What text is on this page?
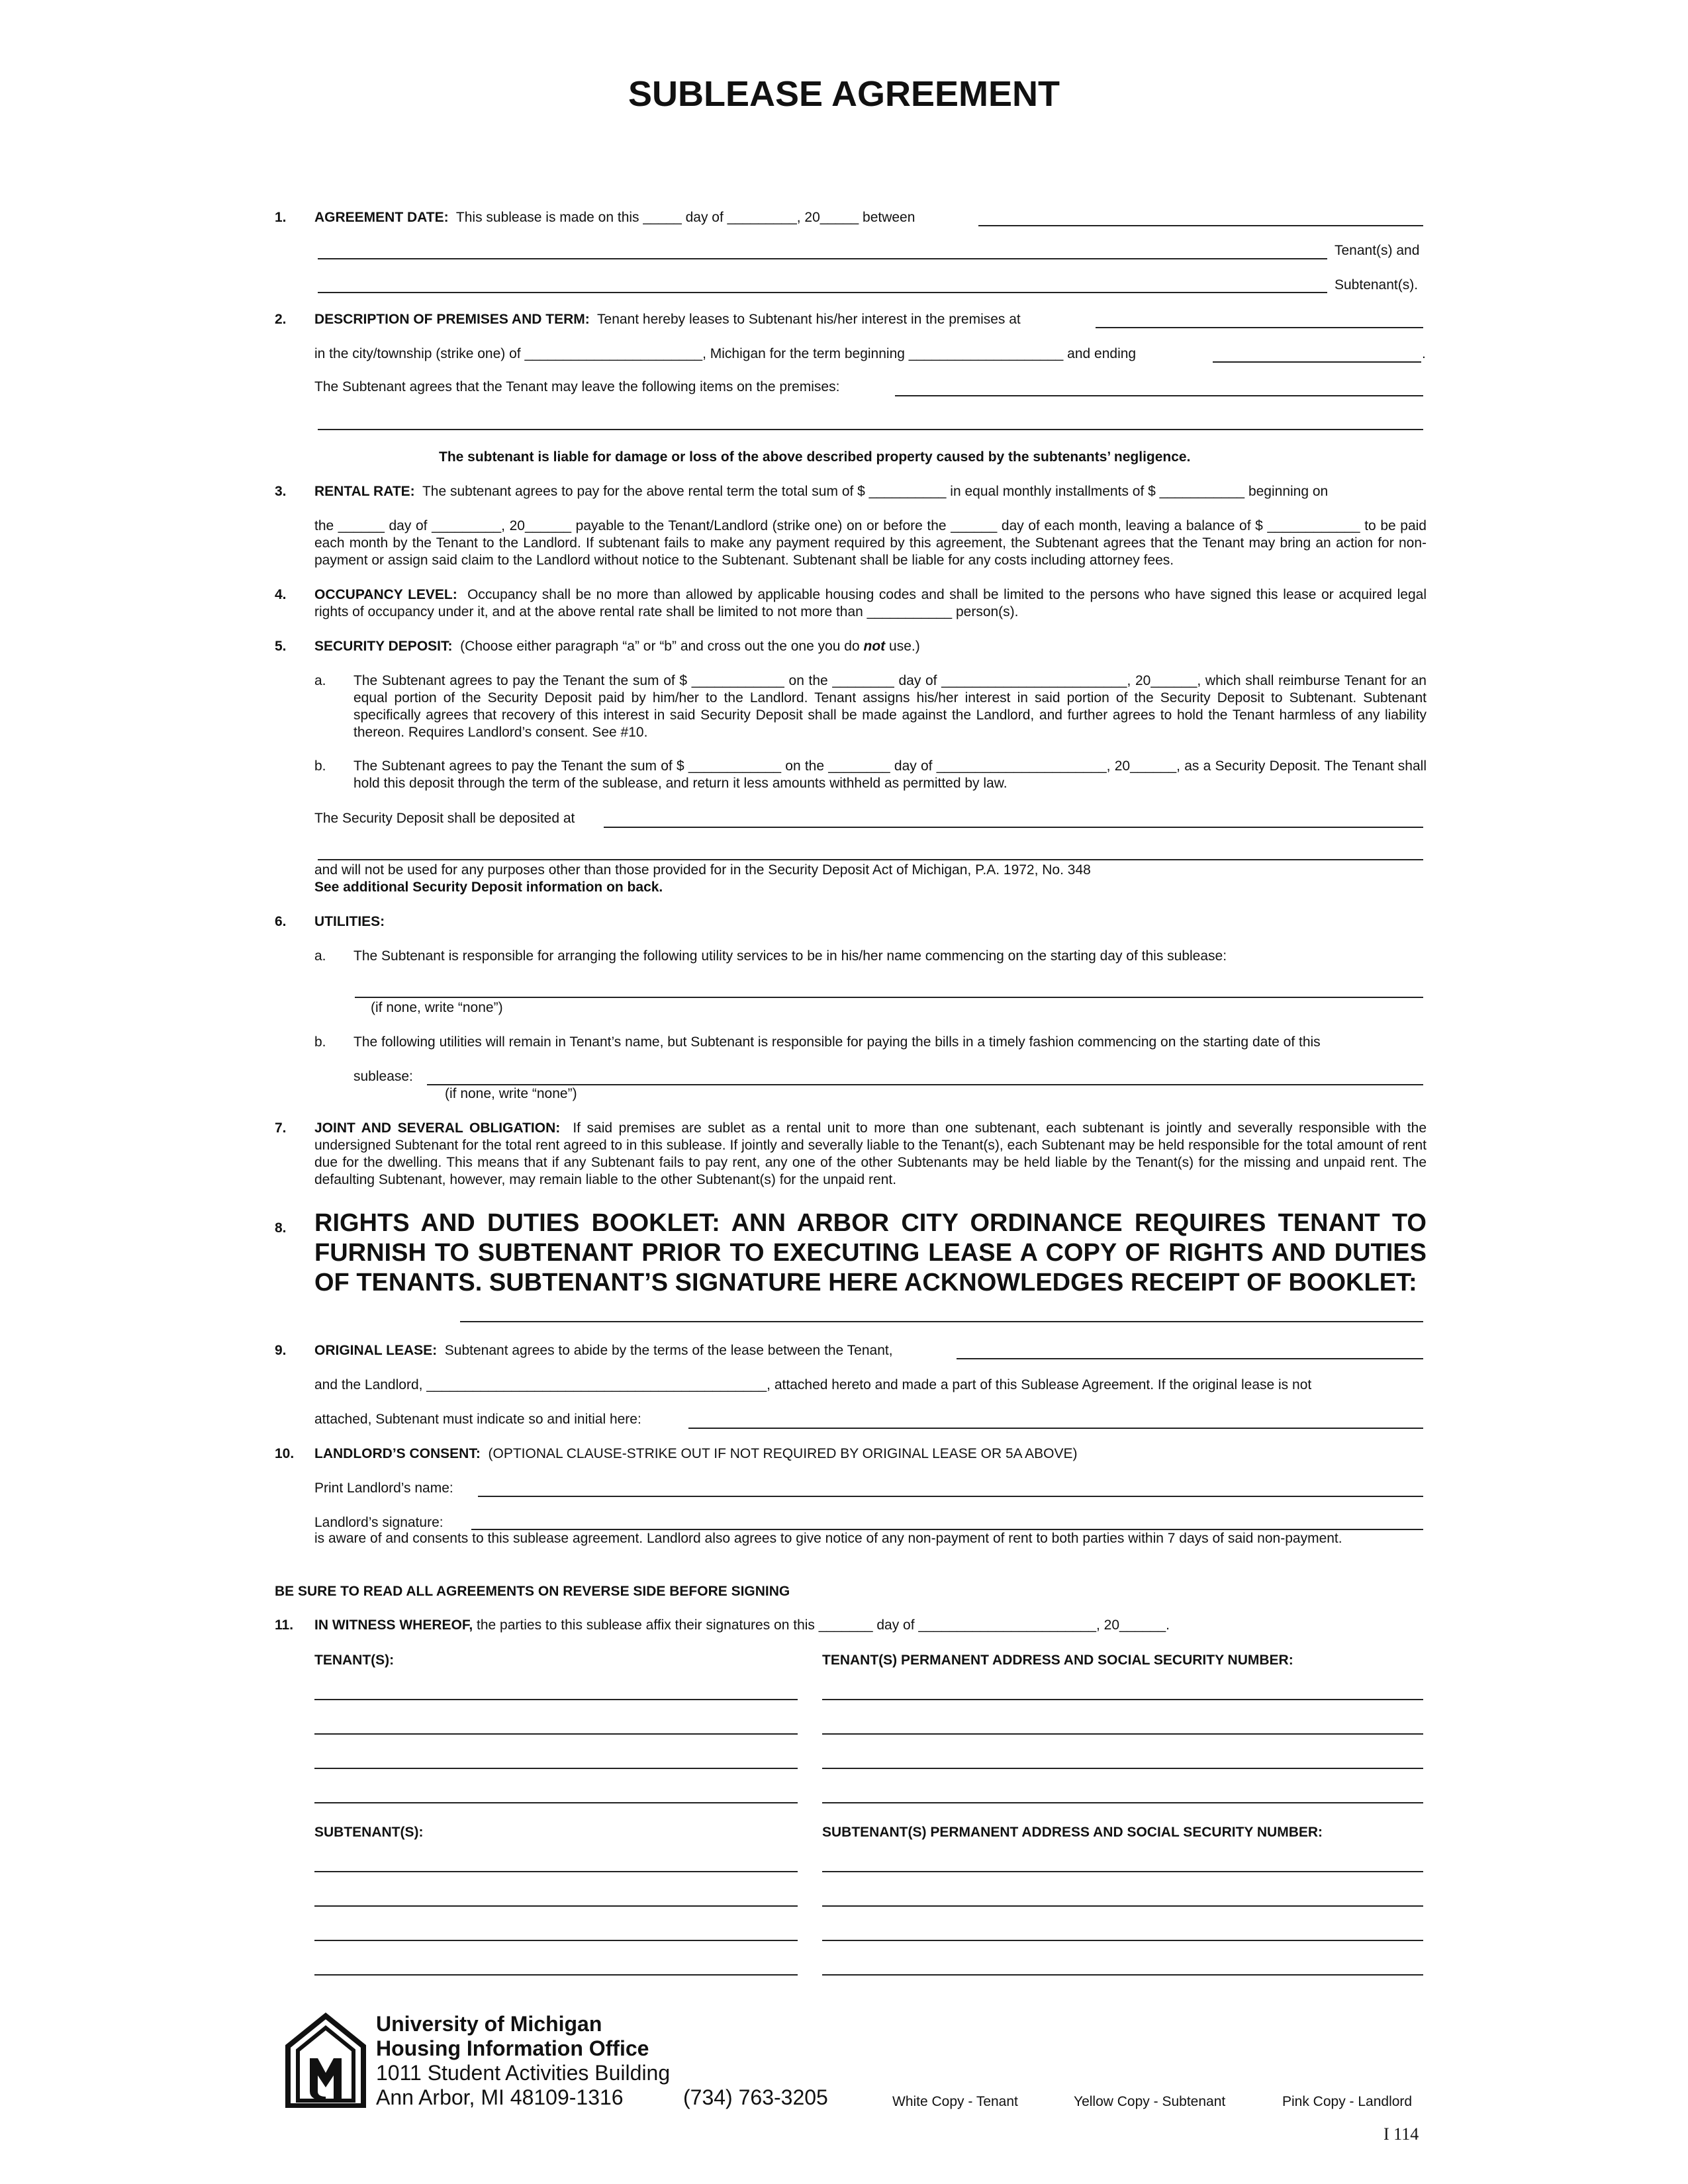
SUBLEASE AGREEMENT
1. AGREEMENT DATE: This sublease is made on this _____ day of _________, 20_____ between
Tenant(s) and
Subtenant(s).
2. DESCRIPTION OF PREMISES AND TERM: Tenant hereby leases to Subtenant his/her interest in the premises at
in the city/township (strike one) of _______________________, Michigan for the term beginning ____________________ and ending	.
The Subtenant agrees that the Tenant may leave the following items on the premises:
The subtenant is liable for damage or loss of the above described property caused by the subtenants’ negligence.
3. RENTAL RATE: The subtenant agrees to pay for the above rental term the total sum of $ __________ in equal monthly installments of $ ___________ beginning on
the ______ day of _________, 20______ payable to the Tenant/Landlord (strike one) on or before the ______ day of each month, leaving a balance of $ ____________ to be paid each month by the Tenant to the Landlord. If subtenant fails to make any payment required by this agreement, the Subtenant agrees that the Tenant may bring an action for non-payment or assign said claim to the Landlord without notice to the Subtenant. Subtenant shall be liable for any costs including attorney fees.
4. OCCUPANCY LEVEL: Occupancy shall be no more than allowed by applicable housing codes and shall be limited to the persons who have signed this lease or acquired legal rights of occupancy under it, and at the above rental rate shall be limited to not more than ___________ person(s).
5. SECURITY DEPOSIT: (Choose either paragraph “a” or “b” and cross out the one you do not use.)
a. The Subtenant agrees to pay the Tenant the sum of $ ____________ on the ________ day of ________________________, 20______, which shall reimburse Tenant for an equal portion of the Security Deposit paid by him/her to the Landlord. Tenant assigns his/her interest in said portion of the Security Deposit to Subtenant. Subtenant specifically agrees that recovery of this interest in said Security Deposit shall be made against the Landlord, and further agrees to hold the Tenant harmless of any liability thereon. Requires Landlord’s consent. See #10.
b. The Subtenant agrees to pay the Tenant the sum of $ ____________ on the ________ day of ______________________, 20______, as a Security Deposit. The Tenant shall hold this deposit through the term of the sublease, and return it less amounts withheld as permitted by law.
The Security Deposit shall be deposited at
and will not be used for any purposes other than those provided for in the Security Deposit Act of Michigan, P.A. 1972, No. 348
See additional Security Deposit information on back.
6. UTILITIES:
a. The Subtenant is responsible for arranging the following utility services to be in his/her name commencing on the starting day of this sublease:
(if none, write “none”)
b. The following utilities will remain in Tenant’s name, but Subtenant is responsible for paying the bills in a timely fashion commencing on the starting date of this
sublease:
(if none, write “none”)
7. JOINT AND SEVERAL OBLIGATION: If said premises are sublet as a rental unit to more than one subtenant, each subtenant is jointly and severally responsible with the undersigned Subtenant for the total rent agreed to in this sublease. If jointly and severally liable to the Tenant(s), each Subtenant may be held responsible for the total amount of rent due for the dwelling. This means that if any Subtenant fails to pay rent, any one of the other Subtenants may be held liable by the Tenant(s) for the missing and unpaid rent. The defaulting Subtenant, however, may remain liable to the other Subtenant(s) for the unpaid rent.
8. RIGHTS AND DUTIES BOOKLET: ANN ARBOR CITY ORDINANCE REQUIRES TENANT TO FURNISH TO SUBTENANT PRIOR TO EXECUTING LEASE A COPY OF RIGHTS AND DUTIES OF TENANTS. SUBTENANT’S SIGNATURE HERE ACKNOWLEDGES RECEIPT OF BOOKLET:
9. ORIGINAL LEASE: Subtenant agrees to abide by the terms of the lease between the Tenant,
and the Landlord, ____________________________________________, attached hereto and made a part of this Sublease Agreement. If the original lease is not
attached, Subtenant must indicate so and initial here:
10. LANDLORD’S CONSENT: (OPTIONAL CLAUSE-STRIKE OUT IF NOT REQUIRED BY ORIGINAL LEASE OR 5A ABOVE)
Print Landlord’s name:
Landlord’s signature:
is aware of and consents to this sublease agreement. Landlord also agrees to give notice of any non-payment of rent to both parties within 7 days of said non-payment.
BE SURE TO READ ALL AGREEMENTS ON REVERSE SIDE BEFORE SIGNING
11. IN WITNESS WHEREOF, the parties to this sublease affix their signatures on this _______ day of _______________________, 20______.
TENANT(S):	TENANT(S) PERMANENT ADDRESS AND SOCIAL SECURITY NUMBER:
SUBTENANT(S):	SUBTENANT(S) PERMANENT ADDRESS AND SOCIAL SECURITY NUMBER:
University of Michigan
Housing Information Office
1011 Student Activities Building
Ann Arbor, MI 48109-1316	(734) 763-3205	White Copy - Tenant	Yellow Copy - Subtenant	Pink Copy - Landlord
I 114
